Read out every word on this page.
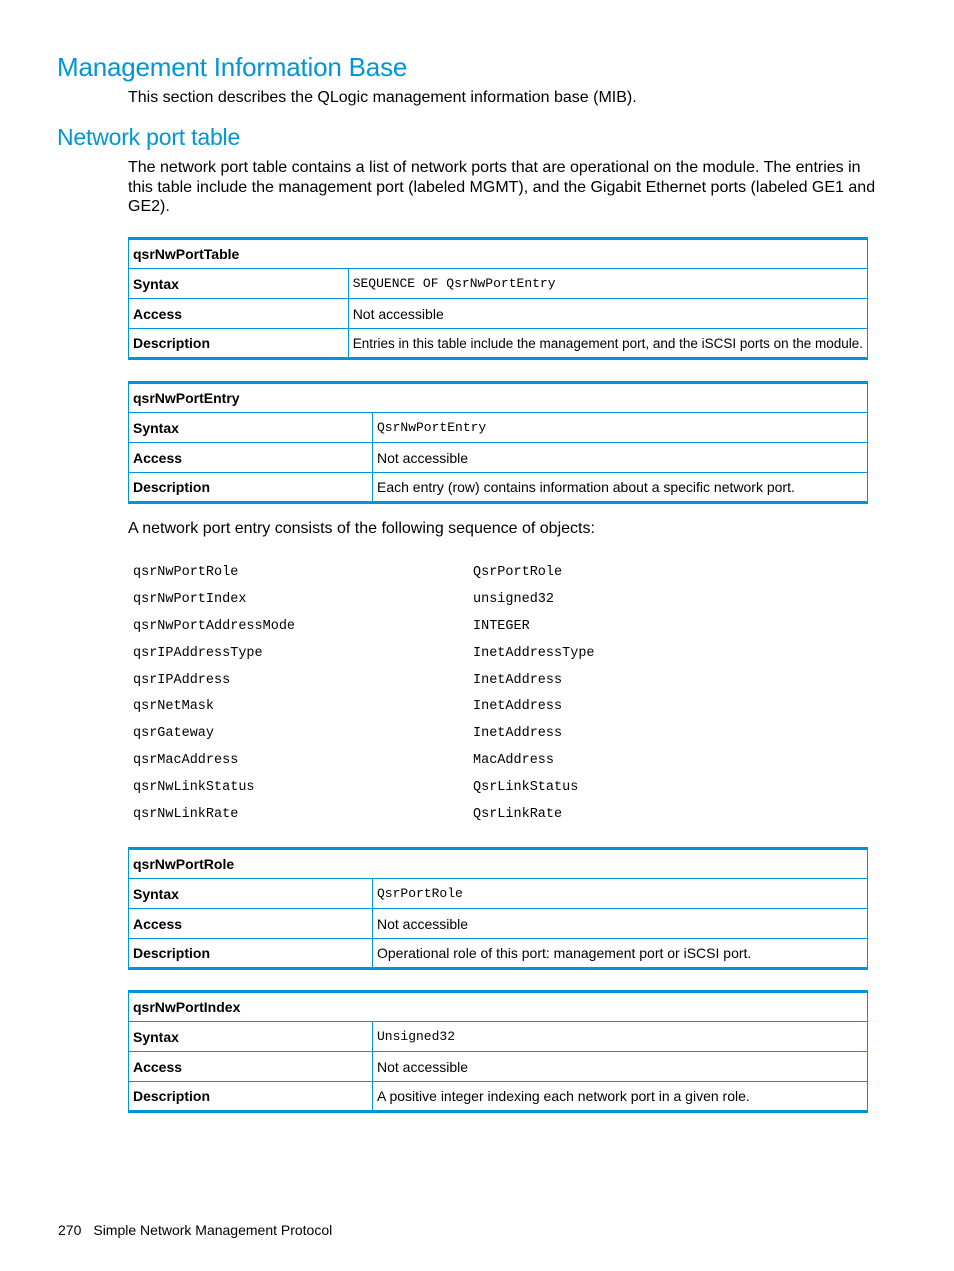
Management Information Base

This section describes the QLogic management information base (MIB).

Network port table

The network port table contains a list of network ports that are operational on the module. The entries in this table include the management port (labeled MGMT), and the Gigabit Ethernet ports (labeled GE1 and GE2).

qsrNwPortTable	
Syntax	SEQUENCE OF QsrNwPortEntry
Access	Not accessible
Description	Entries in this table include the management port, and the iSCSI ports on the module.
qsrNwPortEntry	
Syntax	QsrNwPortEntry
Access	Not accessible
Description	Each entry (row) contains information about a specific network port.

A network port entry consists of the following sequence of objects:

qsrNwPortRole	QsrPortRole
qsrNwPortIndex	unsigned32
qsrNwPortAddressMode	INTEGER
qsrIPAddressType	InetAddressType
qsrIPAddress	InetAddress
qsrNetMask	InetAddress
qsrGateway	InetAddress
qsrMacAddress	MacAddress
qsrNwLinkStatus	QsrLinkStatus
qsrNwLinkRate	QsrLinkRate
qsrNwPortRole	
Syntax	QsrPortRole
Access	Not accessible
Description	Operational role of this port: management port or iSCSI port.
qsrNwPortIndex	
Syntax	Unsigned32
Access	Not accessible
Description	A positive integer indexing each network port in a given role.
270 Simple Network Management Protocol
